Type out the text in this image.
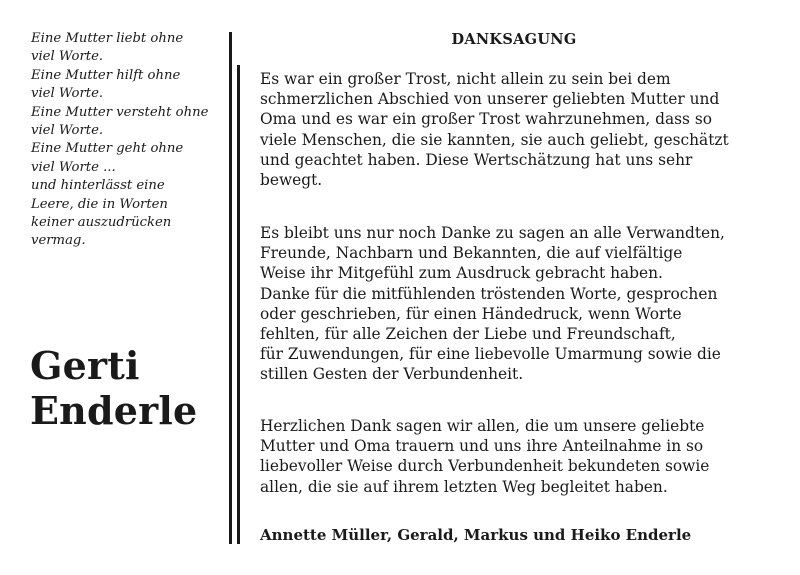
Eine Mutter liebt ohne
viel Worte.
Eine Mutter hilft ohne
viel Worte.
Eine Mutter versteht ohne
viel Worte.
Eine Mutter geht ohne
viel Worte ...
und hinterlässt eine
Leere, die in Worten
keiner auszudrücken
vermag.
Gerti
Enderle
DANKSAGUNG
Es war ein großer Trost, nicht allein zu sein bei dem
schmerzlichen Abschied von unserer geliebten Mutter und
Oma und es war ein großer Trost wahrzunehmen, dass so
viele Menschen, die sie kannten, sie auch geliebt, geschätzt
und geachtet haben. Diese Wertschätzung hat uns sehr
bewegt.
Es bleibt uns nur noch Danke zu sagen an alle Verwandten,
Freunde, Nachbarn und Bekannten, die auf vielfältige
Weise ihr Mitgefühl zum Ausdruck gebracht haben.
Danke für die mitfühlenden tröstenden Worte, gesprochen
oder geschrieben, für einen Händedruck, wenn Worte
fehlten, für alle Zeichen der Liebe und Freundschaft,
für Zuwendungen, für eine liebevolle Umarmung sowie die
stillen Gesten der Verbundenheit.
Herzlichen Dank sagen wir allen, die um unsere geliebte
Mutter und Oma trauern und uns ihre Anteilnahme in so
liebevoller Weise durch Verbundenheit bekundeten sowie
allen, die sie auf ihrem letzten Weg begleitet haben.
Annette Müller, Gerald, Markus und Heiko Enderle
